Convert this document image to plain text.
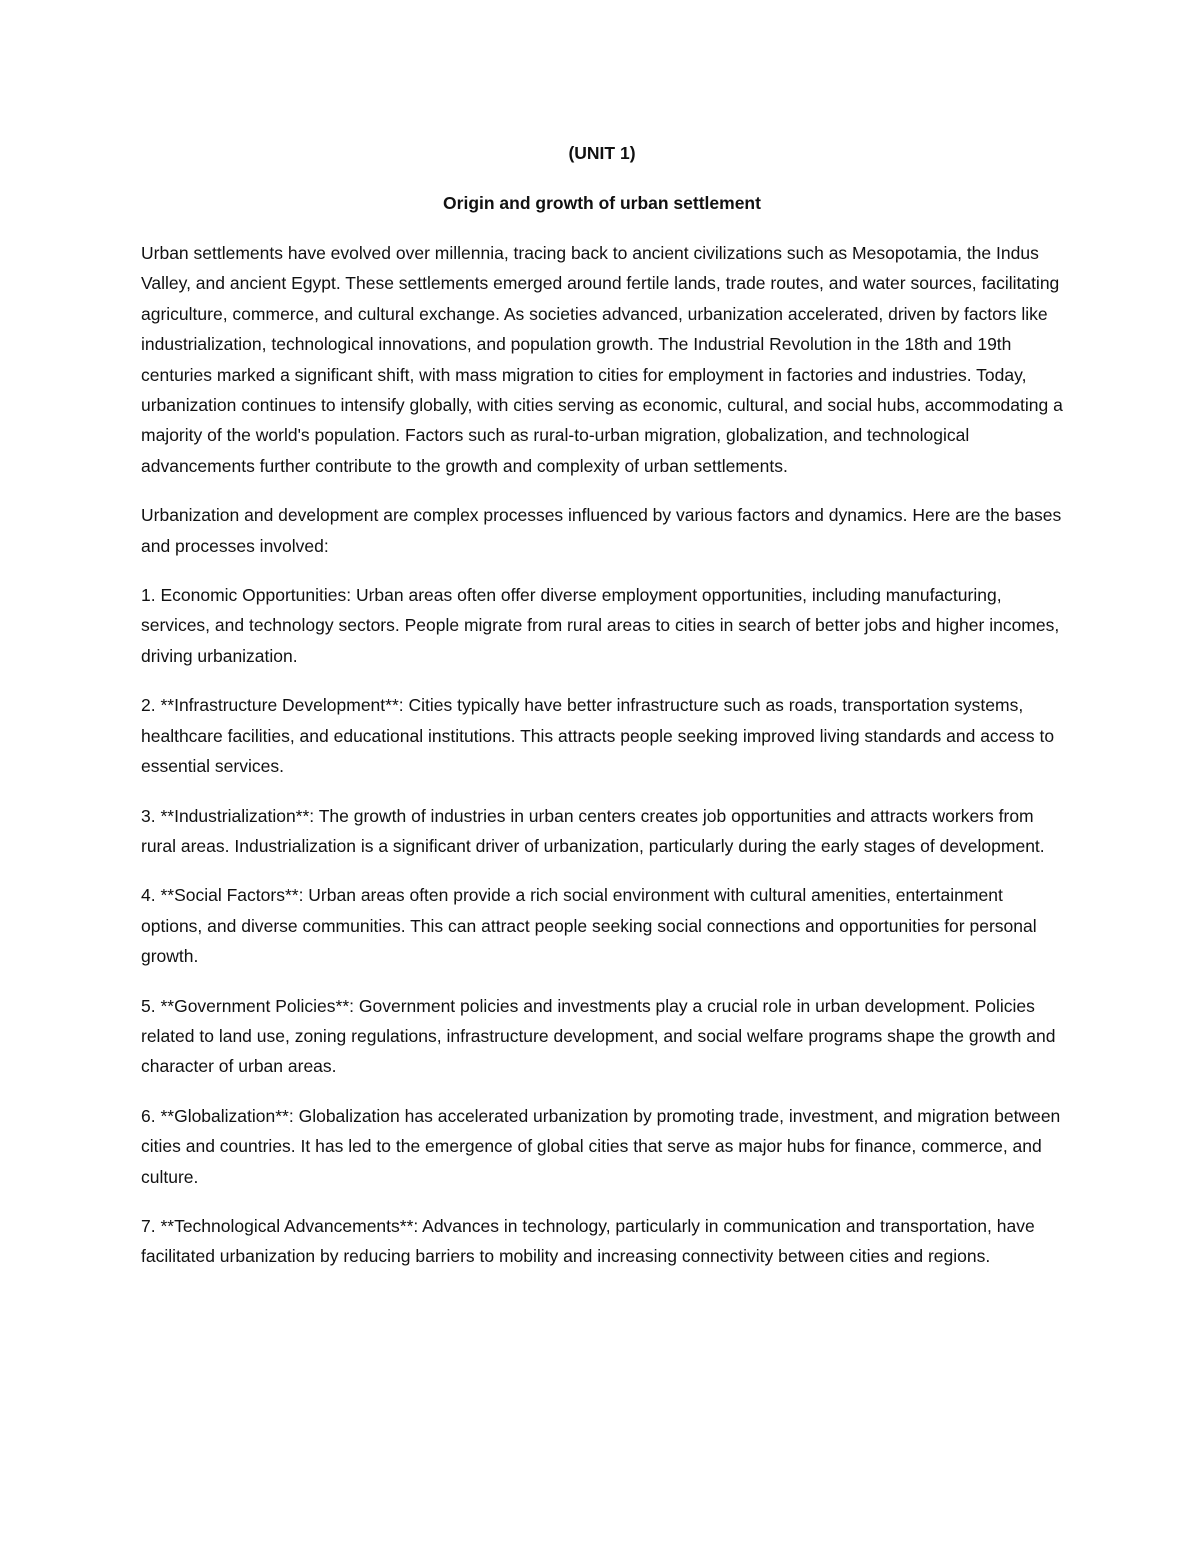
(UNIT 1)
Origin and growth of urban settlement

Urban settlements have evolved over millennia, tracing back to ancient civilizations such as Mesopotamia, the Indus Valley, and ancient Egypt. These settlements emerged around fertile lands, trade routes, and water sources, facilitating agriculture, commerce, and cultural exchange. As societies advanced, urbanization accelerated, driven by factors like industrialization, technological innovations, and population growth. The Industrial Revolution in the 18th and 19th centuries marked a significant shift, with mass migration to cities for employment in factories and industries. Today, urbanization continues to intensify globally, with cities serving as economic, cultural, and social hubs, accommodating a majority of the world's population. Factors such as rural-to-urban migration, globalization, and technological advancements further contribute to the growth and complexity of urban settlements.

Urbanization and development are complex processes influenced by various factors and dynamics. Here are the bases and processes involved:

1. Economic Opportunities: Urban areas often offer diverse employment opportunities, including manufacturing, services, and technology sectors. People migrate from rural areas to cities in search of better jobs and higher incomes, driving urbanization.

2. **Infrastructure Development**: Cities typically have better infrastructure such as roads, transportation systems, healthcare facilities, and educational institutions. This attracts people seeking improved living standards and access to essential services.

3. **Industrialization**: The growth of industries in urban centers creates job opportunities and attracts workers from rural areas. Industrialization is a significant driver of urbanization, particularly during the early stages of development.

4. **Social Factors**: Urban areas often provide a rich social environment with cultural amenities, entertainment options, and diverse communities. This can attract people seeking social connections and opportunities for personal growth.

5. **Government Policies**: Government policies and investments play a crucial role in urban development. Policies related to land use, zoning regulations, infrastructure development, and social welfare programs shape the growth and character of urban areas.

6. **Globalization**: Globalization has accelerated urbanization by promoting trade, investment, and migration between cities and countries. It has led to the emergence of global cities that serve as major hubs for finance, commerce, and culture.

7. **Technological Advancements**: Advances in technology, particularly in communication and transportation, have facilitated urbanization by reducing barriers to mobility and increasing connectivity between cities and regions.
